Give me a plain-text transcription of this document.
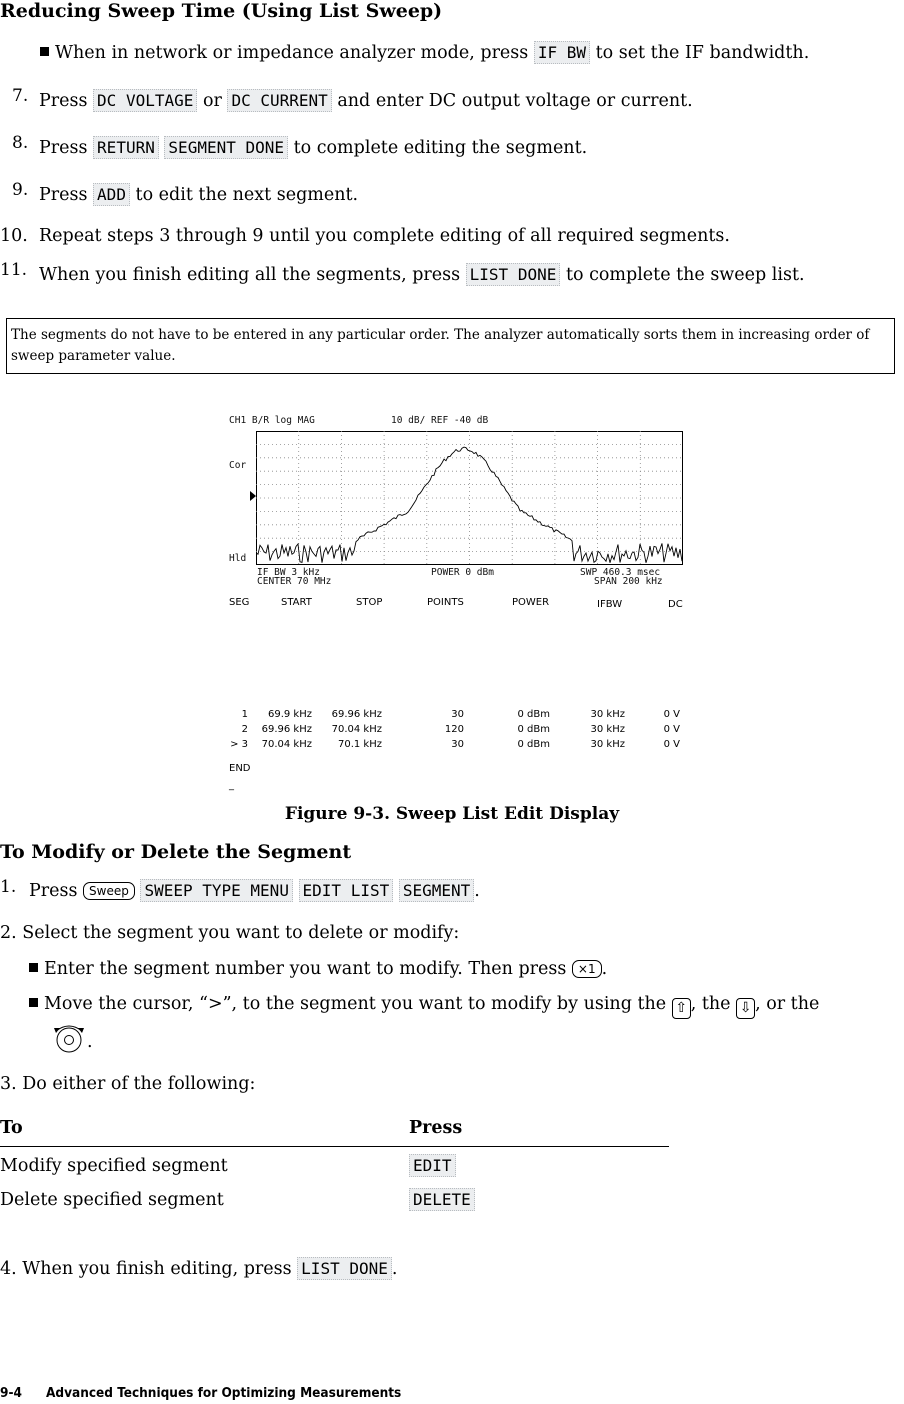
Reducing Sweep Time (Using List Sweep)
When in network or impedance analyzer mode, press IF BW to set the IF bandwidth.
7. Press DC VOLTAGE or DC CURRENT and enter DC output voltage or current.
8. Press RETURN SEGMENT DONE to complete editing the segment.
9. Press ADD to edit the next segment.
10. Repeat steps 3 through 9 until you complete editing of all required segments.
11. When you finish editing all the segments, press LIST DONE to complete the sweep list.
The segments do not have to be entered in any particular order. The analyzer automatically sorts them in increasing order of sweep parameter value.
CH1 B/R log MAG	10 dB/ REF -40 dB
Cor
Hld
IF BW 3 kHz
CENTER 70 MHz
POWER 0 dBm	SWP 460.3 msec
SPAN 200 kHz
SEG	START	STOP	POINTS	POWER	IFBW	DC
1	69.9 kHz	69.96 kHz	30	0 dBm	30 kHz	0 V
2	69.96 kHz	70.04 kHz	120	0 dBm	30 kHz	0 V
> 3	70.04 kHz	70.1 kHz	30	0 dBm	30 kHz	0 V
END
_
Figure 9-3. Sweep List Edit Display
To Modify or Delete the Segment
1. Press Sweep SWEEP TYPE MENU EDIT LIST SEGMENT .
2. Select the segment you want to delete or modify:
Enter the segment number you want to modify. Then press ×1 .
Move the cursor, “>”, to the segment you want to modify by using the ⇧ , the ⇩ , or the
.
3. Do either of the following:
To	Press
Modify specified segment	EDIT
Delete specified segment	DELETE
4. When you finish editing, press LIST DONE .
9-4 Advanced Techniques for Optimizing Measurements
